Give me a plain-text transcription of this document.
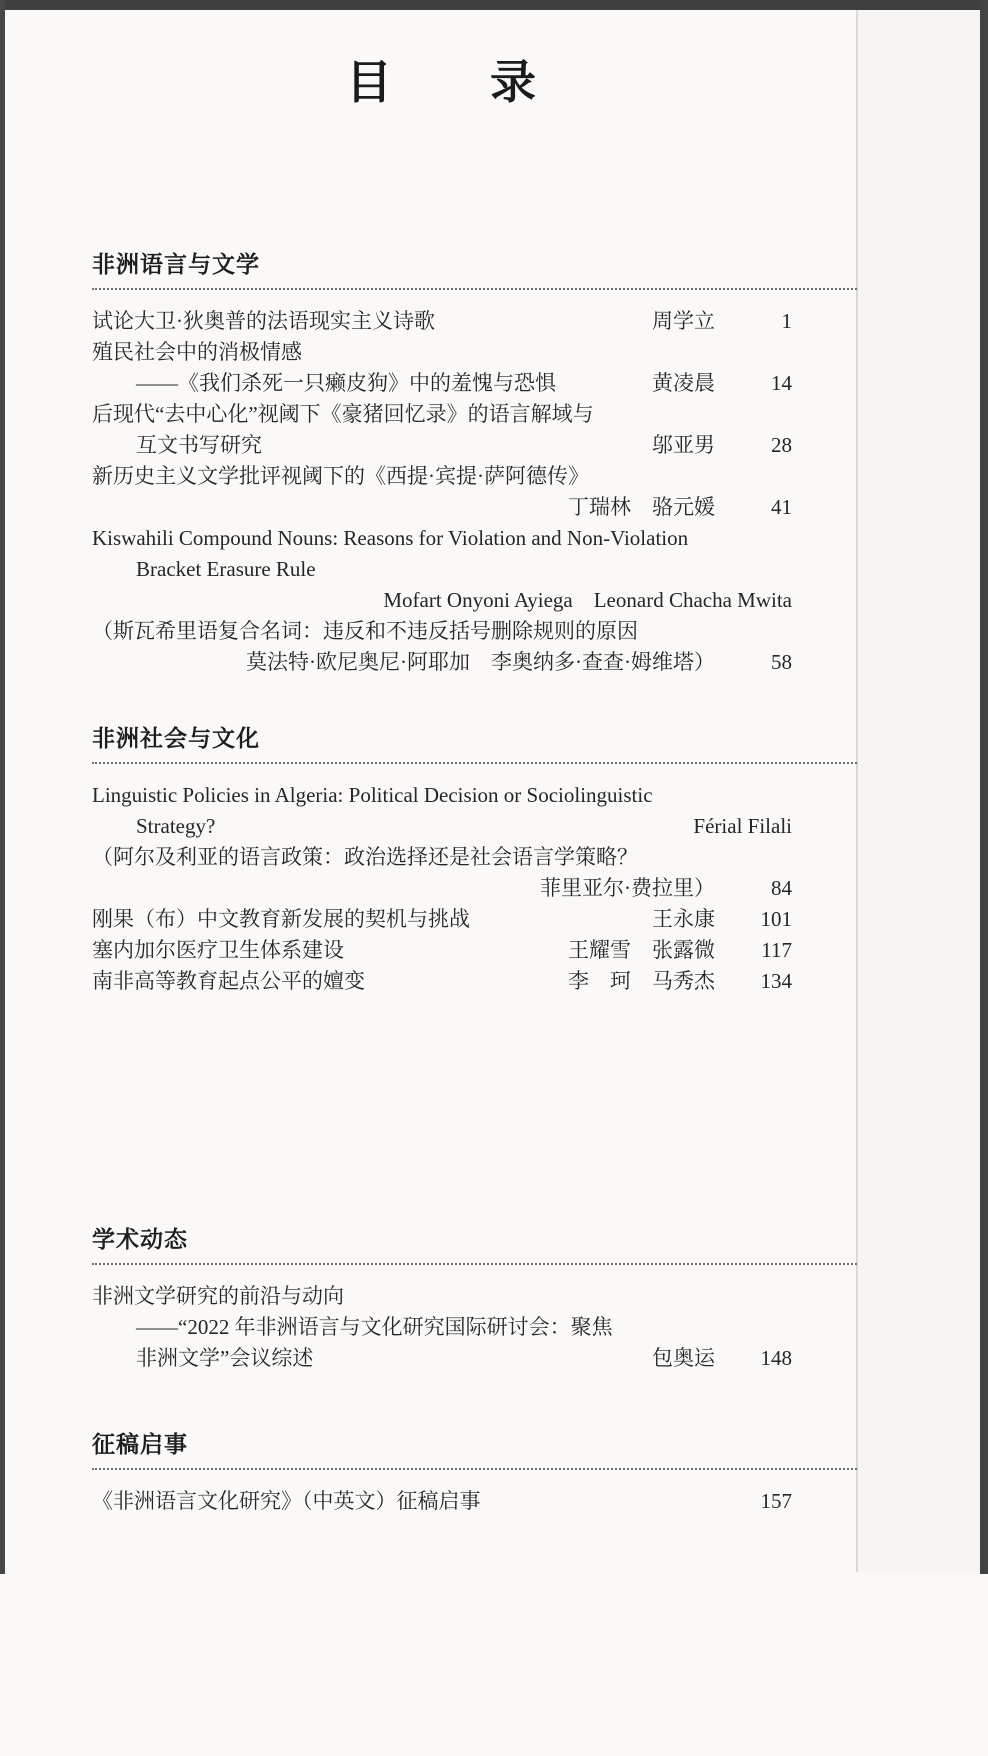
目　　录
非洲语言与文学
试论大卫·狄奥普的法语现实主义诗歌	周学立	1
殖民社会中的消极情感
——《我们杀死一只癞皮狗》中的羞愧与恐惧	黄凌晨	14
后现代“去中心化”视阈下《豪猪回忆录》的语言解域与
互文书写研究	邬亚男	28
新历史主义文学批评视阈下的《西提·宾提·萨阿德传》
丁瑞林　骆元媛	41
Kiswahili Compound Nouns: Reasons for Violation and Non-Violation
Bracket Erasure Rule
Mofart Onyoni Ayiega　Leonard Chacha Mwita
（斯瓦希里语复合名词：违反和不违反括号删除规则的原因
莫法特·欧尼奥尼·阿耶加　李奥纳多·查查·姆维塔）	58
非洲社会与文化
Linguistic Policies in Algeria: Political Decision or Sociolinguistic
Strategy?	Férial Filali
（阿尔及利亚的语言政策：政治选择还是社会语言学策略？
菲里亚尔·费拉里）	84
刚果（布）中文教育新发展的契机与挑战	王永康	101
塞内加尔医疗卫生体系建设	王耀雪　张露微	117
南非高等教育起点公平的嬗变	李　珂　马秀杰	134
学术动态
非洲文学研究的前沿与动向
——“2022 年非洲语言与文化研究国际研讨会：聚焦
非洲文学”会议综述	包奥运	148
征稿启事
《非洲语言文化研究》（中英文）征稿启事	157
